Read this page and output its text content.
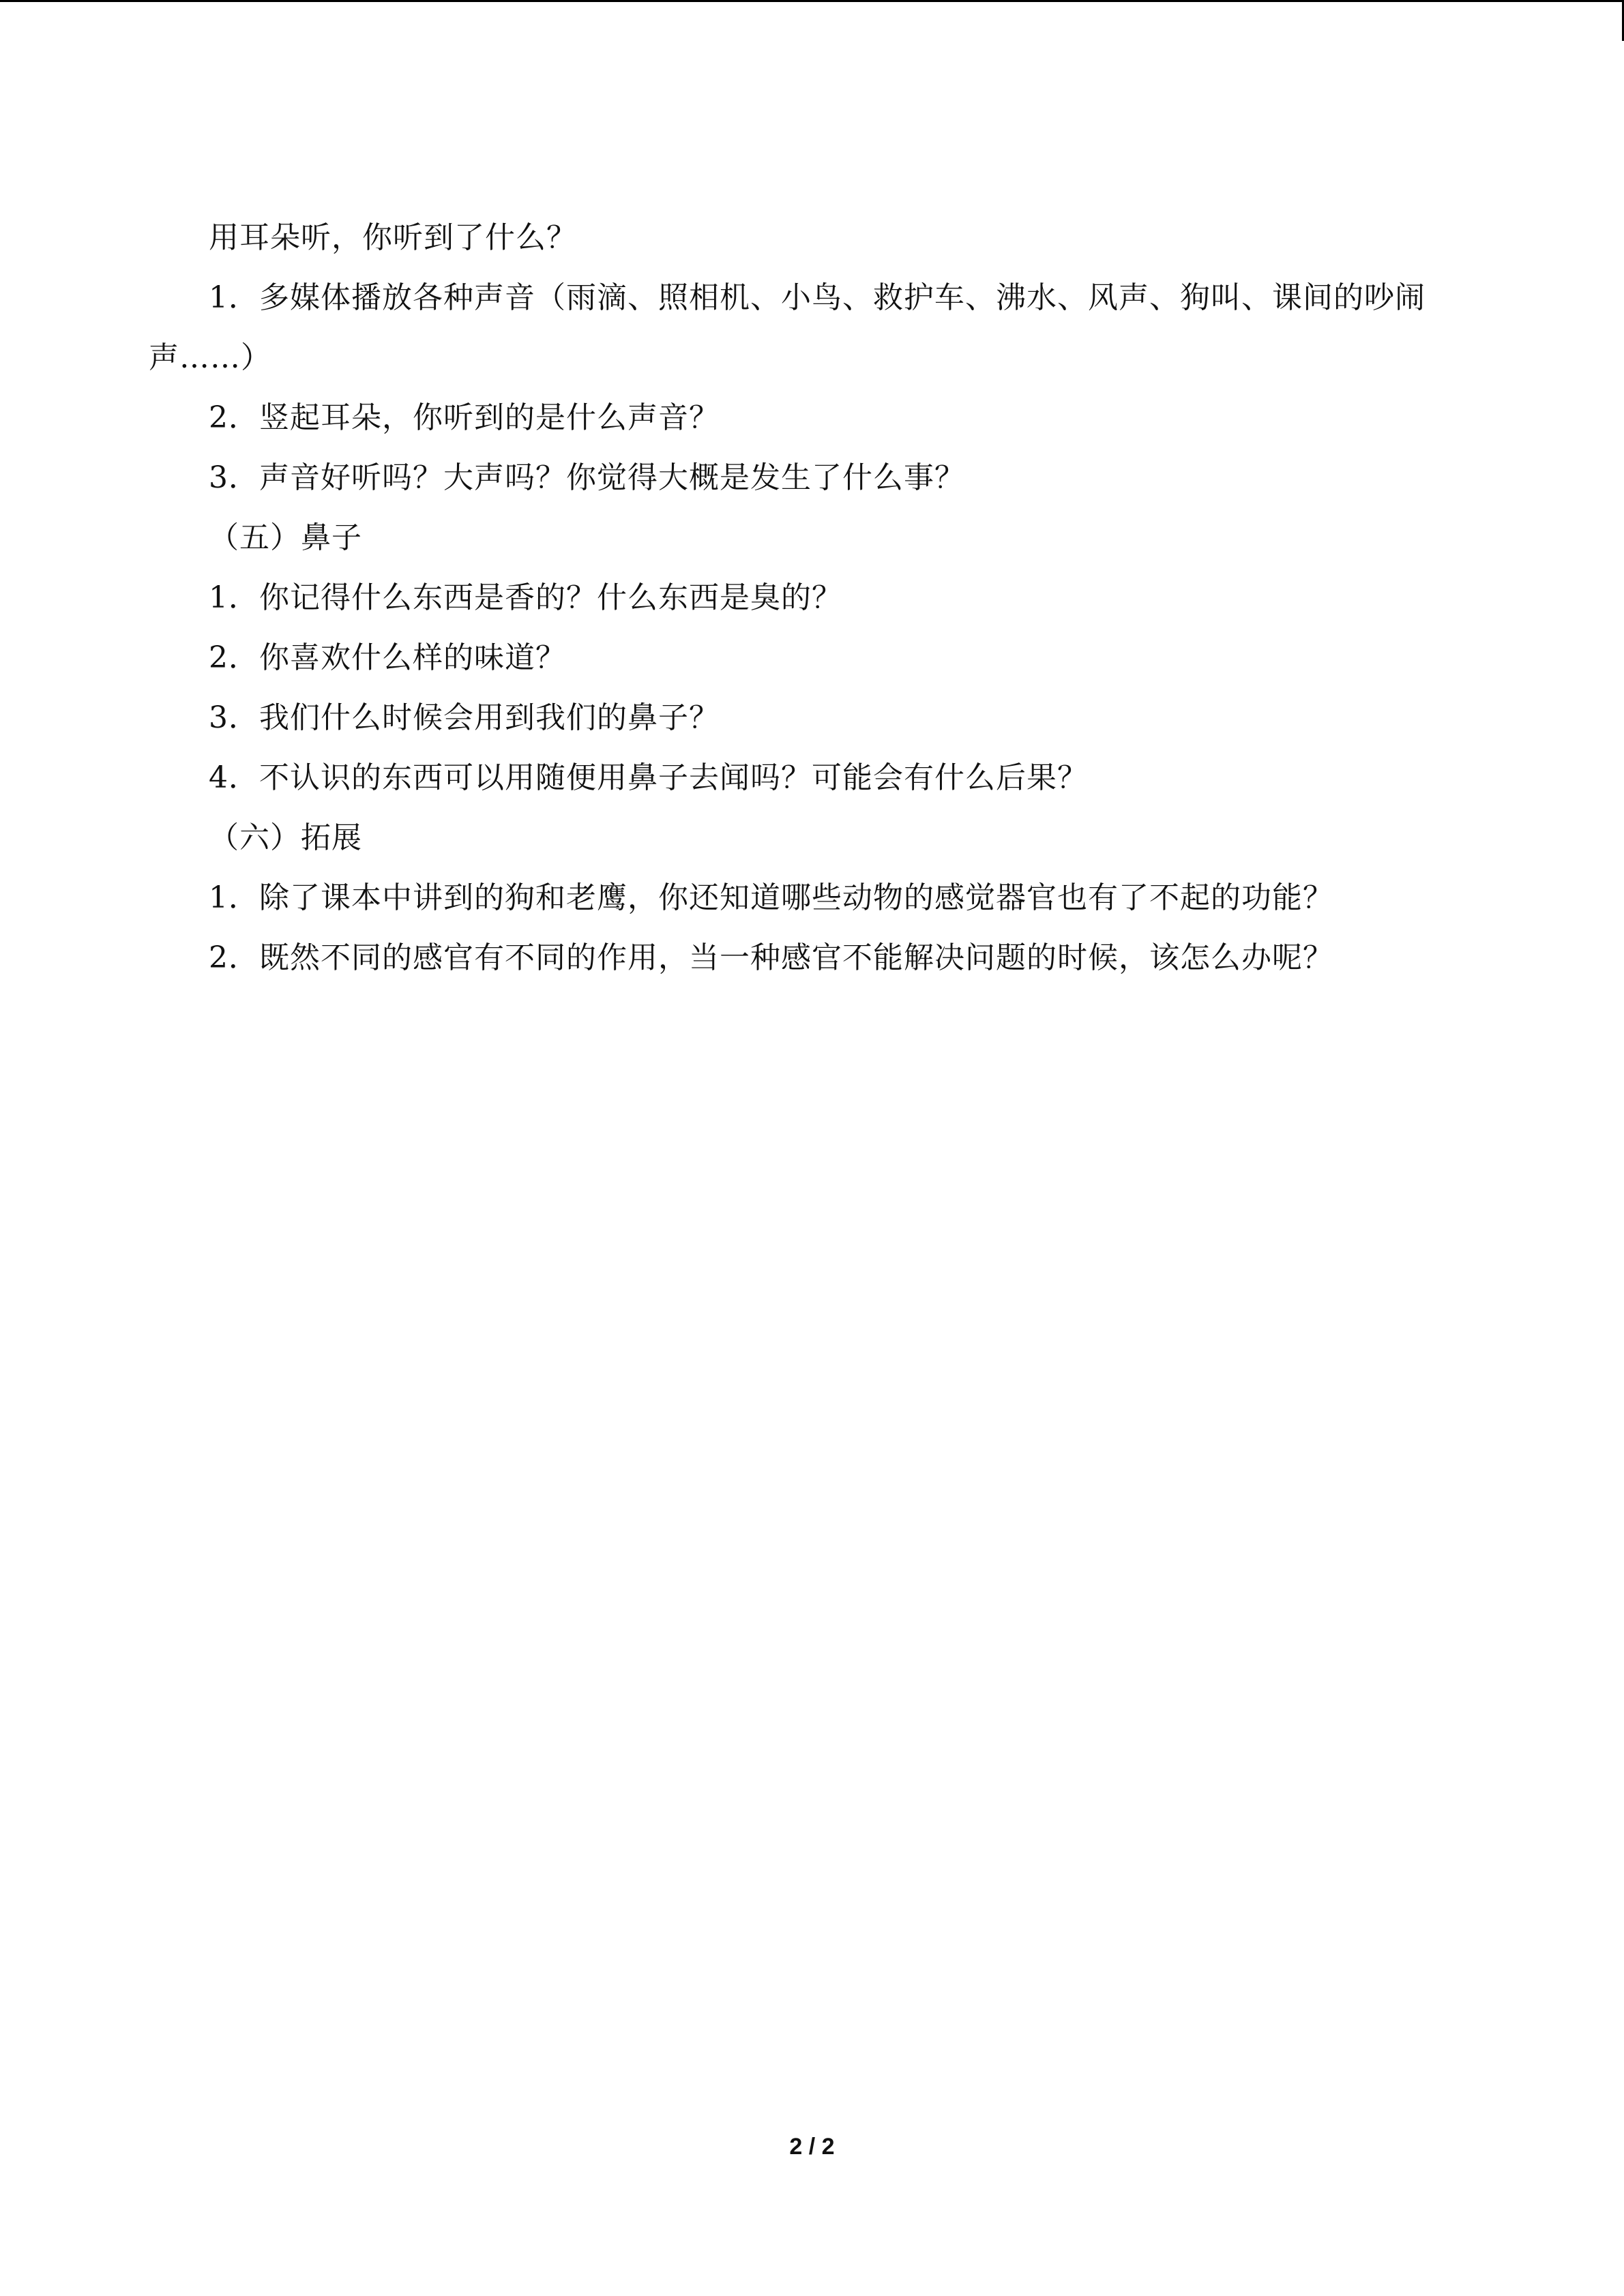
用耳朵听，你听到了什么？

1．多媒体播放各种声音（雨滴、照相机、小鸟、救护车、沸水、风声、狗叫、课间的吵闹声……）

2．竖起耳朵，你听到的是什么声音？

3．声音好听吗？大声吗？你觉得大概是发生了什么事？

（五）鼻子

1．你记得什么东西是香的？什么东西是臭的？

2．你喜欢什么样的味道？

3．我们什么时候会用到我们的鼻子？

4．不认识的东西可以用随便用鼻子去闻吗？可能会有什么后果？

（六）拓展

1．除了课本中讲到的狗和老鹰，你还知道哪些动物的感觉器官也有了不起的功能？

2．既然不同的感官有不同的作用，当一种感官不能解决问题的时候，该怎么办呢？

2 / 2
